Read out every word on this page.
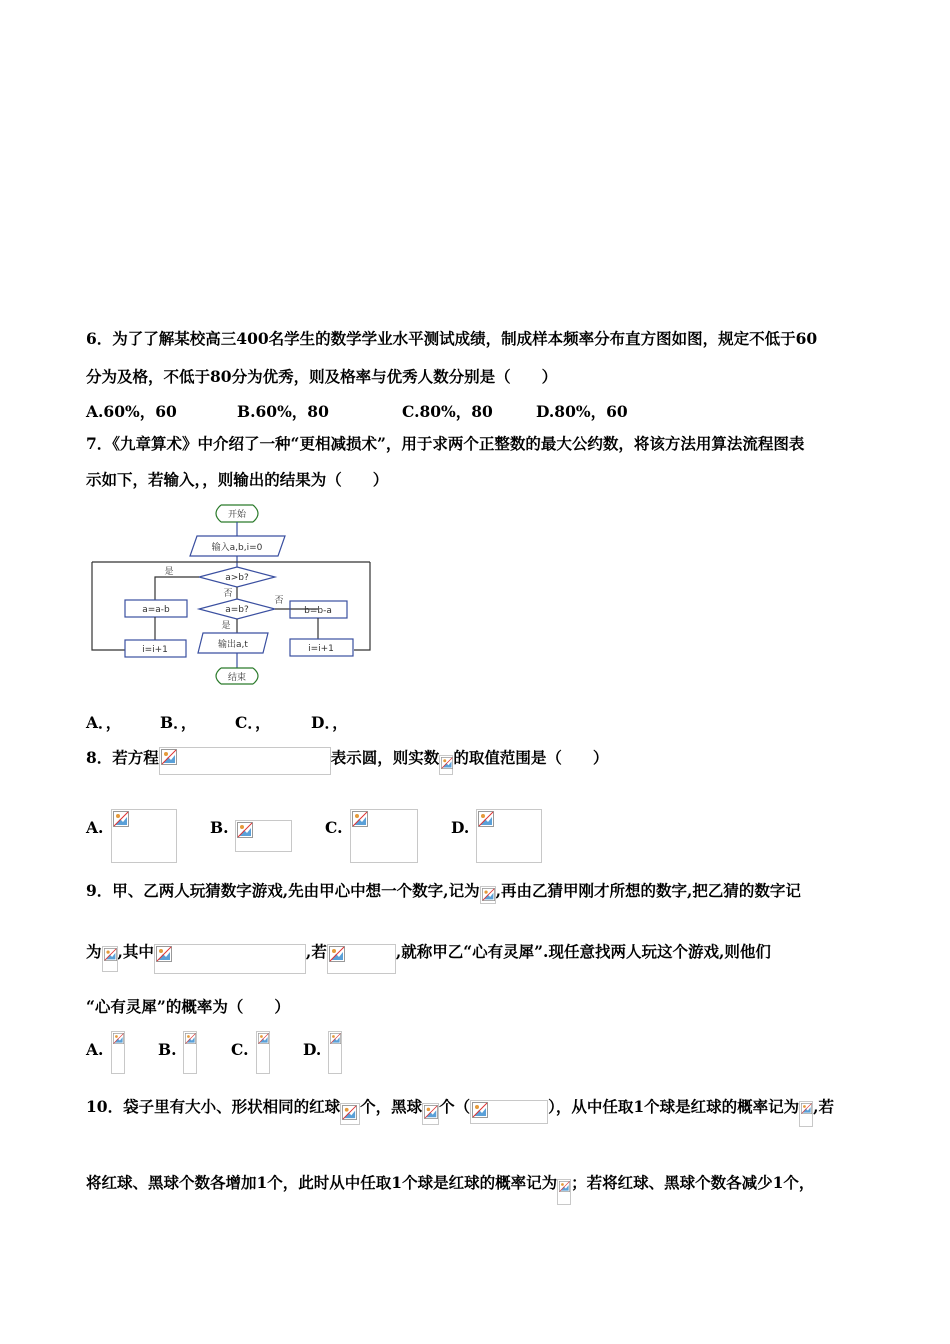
6．为了了解某校高三400名学生的数学学业水平测试成绩，制成样本频率分布直方图如图，规定不低于60
分为及格，不低于80分为优秀，则及格率与优秀人数分别是（　　）
A.60%，60	B.60%，80	C.80%，80	D.80%，60
7．《九章算术》中介绍了一种“更相减损术”，用于求两个正整数的最大公约数，将该方法用算法流程图表
示如下，若输入，，则输出的结果为（　　）
开始
输入a,b,i=0
a>b?
是
否
a=b?
否
是
a=a-b	b=b-a
i=i+1	i=i+1
输出a,t
结束
A．， B．， C．，	D．，
8．若方程	表示圆，则实数 的取值范围是（　　）
A.	B.	C.	D.
9．甲、乙两人玩猜数字游戏,先由甲心中想一个数字,记为 ,再由乙猜甲刚才所想的数字,把乙猜的数字记
为 ,其中	,若	,就称甲乙“心有灵犀”.现任意找两人玩这个游戏,则他们
“心有灵犀”的概率为（　　）
A.	B.	C.	D.
10．袋子里有大小、形状相同的红球 个，黑球 个（	），从中任取1个球是红球的概率记为 ,若
将红球、黑球个数各增加1个，此时从中任取1个球是红球的概率记为 ；若将红球、黑球个数各减少1个，
